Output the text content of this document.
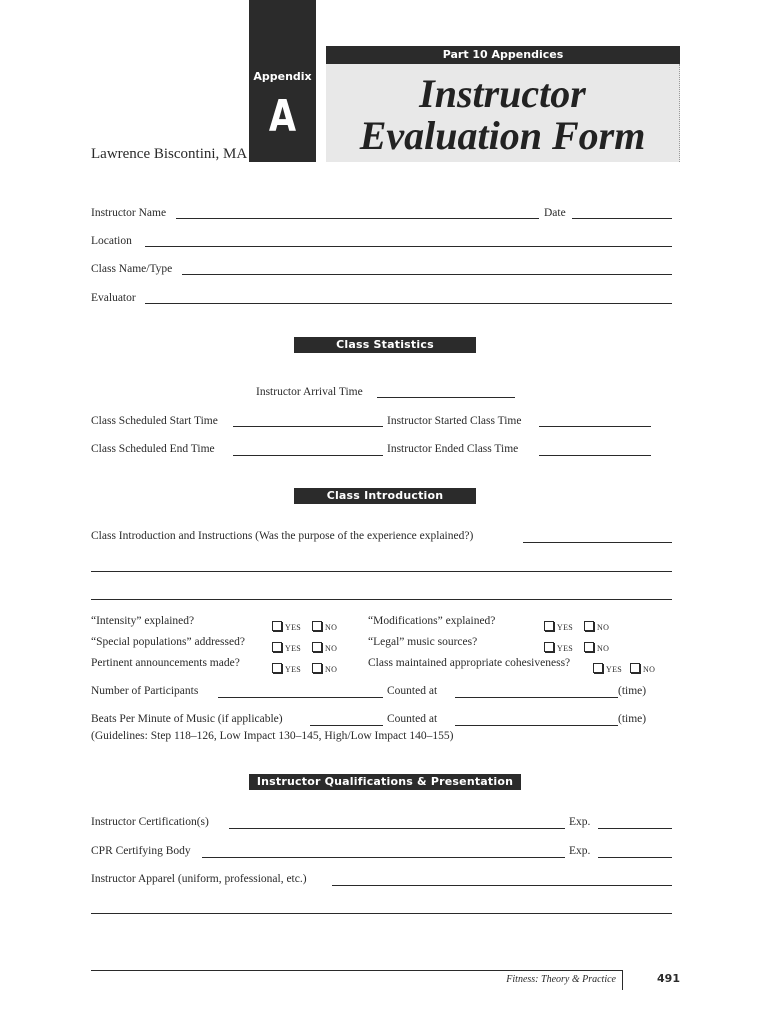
Appendix
A
Part 10 Appendices
Instructor
Evaluation Form
Lawrence Biscontini, MA
Instructor Name	Date
Location
Class Name/Type
Evaluator
Class Statistics
Instructor Arrival Time
Class Scheduled Start Time	Instructor Started Class Time
Class Scheduled End Time	Instructor Ended Class Time
Class Introduction
Class Introduction and Instructions (Was the purpose of the experience explained?)
“Intensity” explained?
YES	NO
“Modifications” explained?
YES	NO
“Special populations” addressed?
YES	NO
“Legal” music sources?
YES	NO
Pertinent announcements made?
YES	NO
Class maintained appropriate cohesiveness?
YES	NO
Number of Participants	Counted at	(time)
Beats Per Minute of Music (if applicable)	Counted at	(time)
(Guidelines: Step 118–126, Low Impact 130–145, High/Low Impact 140–155)
Instructor Qualifications & Presentation
Instructor Certification(s)	Exp.
CPR Certifying Body	Exp.
Instructor Apparel (uniform, professional, etc.)
Fitness: Theory & Practice	491
